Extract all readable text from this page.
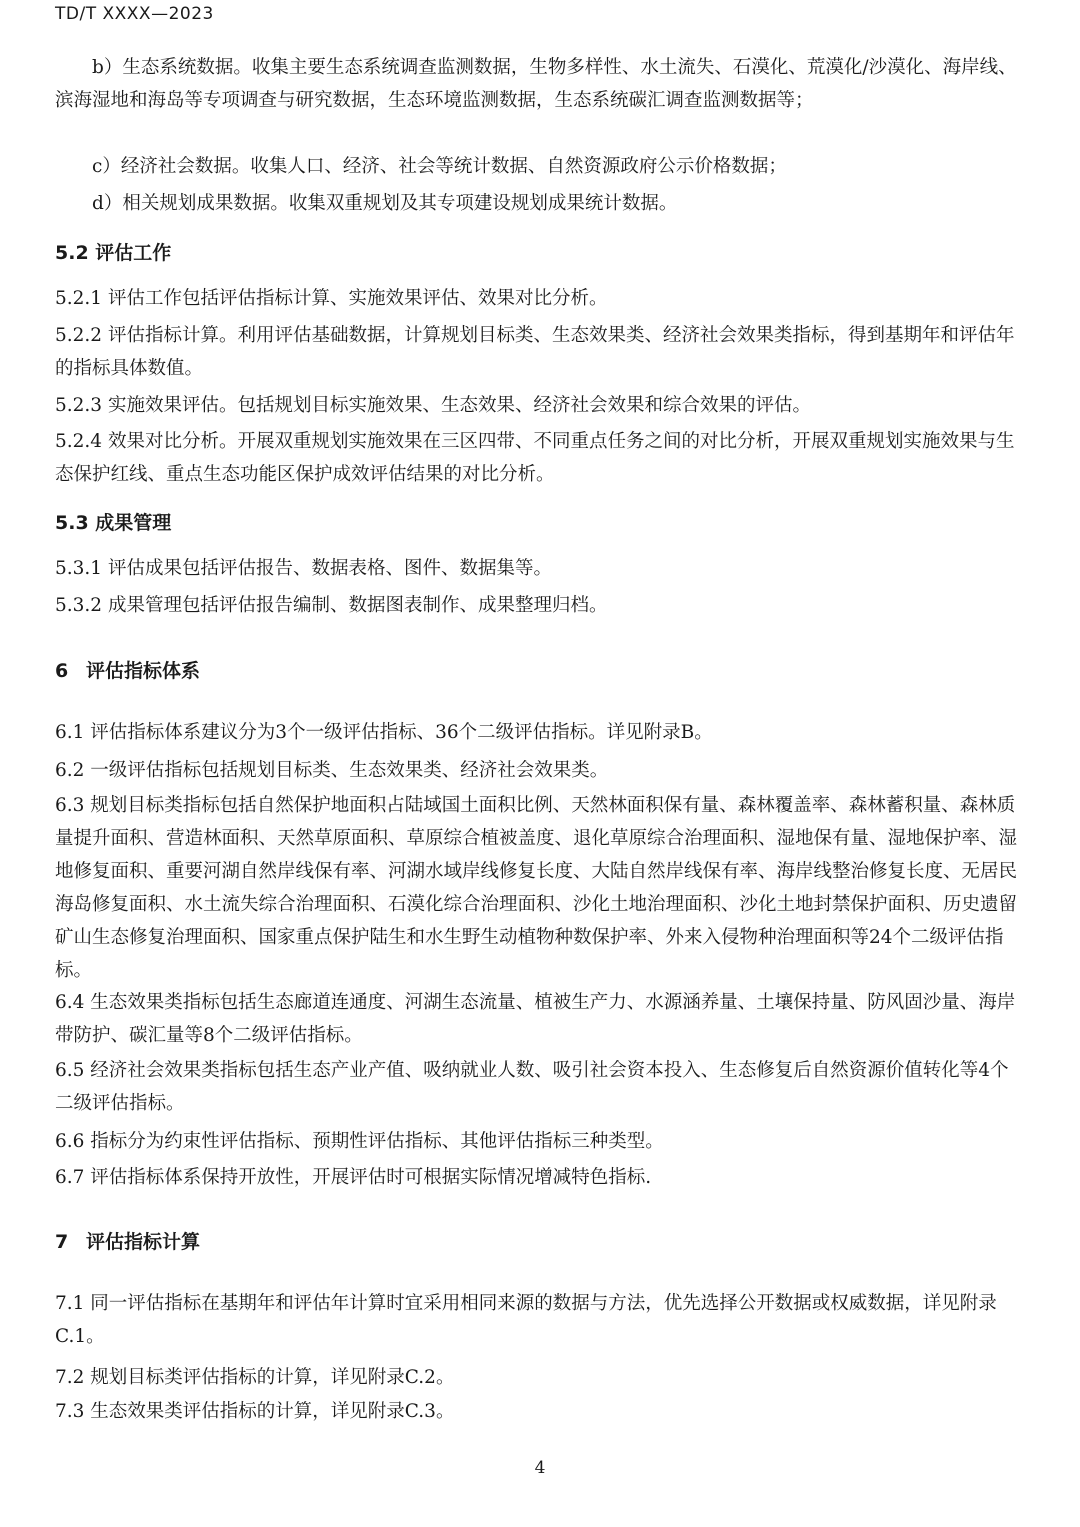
TD/T XXXX—2023

b）生态系统数据。收集主要生态系统调查监测数据，生物多样性、水土流失、石漠化、荒漠化/沙漠化、海岸线、滨海湿地和海岛等专项调查与研究数据，生态环境监测数据，生态系统碳汇调查监测数据等；

c）经济社会数据。收集人口、经济、社会等统计数据、自然资源政府公示价格数据；

d）相关规划成果数据。收集双重规划及其专项建设规划成果统计数据。

5.2 评估工作

5.2.1 评估工作包括评估指标计算、实施效果评估、效果对比分析。

5.2.2 评估指标计算。利用评估基础数据，计算规划目标类、生态效果类、经济社会效果类指标，得到基期年和评估年的指标具体数值。

5.2.3 实施效果评估。包括规划目标实施效果、生态效果、经济社会效果和综合效果的评估。

5.2.4 效果对比分析。开展双重规划实施效果在三区四带、不同重点任务之间的对比分析，开展双重规划实施效果与生态保护红线、重点生态功能区保护成效评估结果的对比分析。

5.3 成果管理

5.3.1 评估成果包括评估报告、数据表格、图件、数据集等。

5.3.2 成果管理包括评估报告编制、数据图表制作、成果整理归档。

6 评估指标体系

6.1 评估指标体系建议分为3个一级评估指标、36个二级评估指标。详见附录B。

6.2 一级评估指标包括规划目标类、生态效果类、经济社会效果类。

6.3 规划目标类指标包括自然保护地面积占陆域国土面积比例、天然林面积保有量、森林覆盖率、森林蓄积量、森林质量提升面积、营造林面积、天然草原面积、草原综合植被盖度、退化草原综合治理面积、湿地保有量、湿地保护率、湿地修复面积、重要河湖自然岸线保有率、河湖水域岸线修复长度、大陆自然岸线保有率、海岸线整治修复长度、无居民海岛修复面积、水土流失综合治理面积、石漠化综合治理面积、沙化土地治理面积、沙化土地封禁保护面积、历史遗留矿山生态修复治理面积、国家重点保护陆生和水生野生动植物种数保护率、外来入侵物种治理面积等24个二级评估指标。

6.4 生态效果类指标包括生态廊道连通度、河湖生态流量、植被生产力、水源涵养量、土壤保持量、防风固沙量、海岸带防护、碳汇量等8个二级评估指标。

6.5 经济社会效果类指标包括生态产业产值、吸纳就业人数、吸引社会资本投入、生态修复后自然资源价值转化等4个二级评估指标。

6.6 指标分为约束性评估指标、预期性评估指标、其他评估指标三种类型。

6.7 评估指标体系保持开放性，开展评估时可根据实际情况增减特色指标.

7 评估指标计算

7.1 同一评估指标在基期年和评估年计算时宜采用相同来源的数据与方法，优先选择公开数据或权威数据，详见附录C.1。

7.2 规划目标类评估指标的计算，详见附录C.2。

7.3 生态效果类评估指标的计算，详见附录C.3。

4
